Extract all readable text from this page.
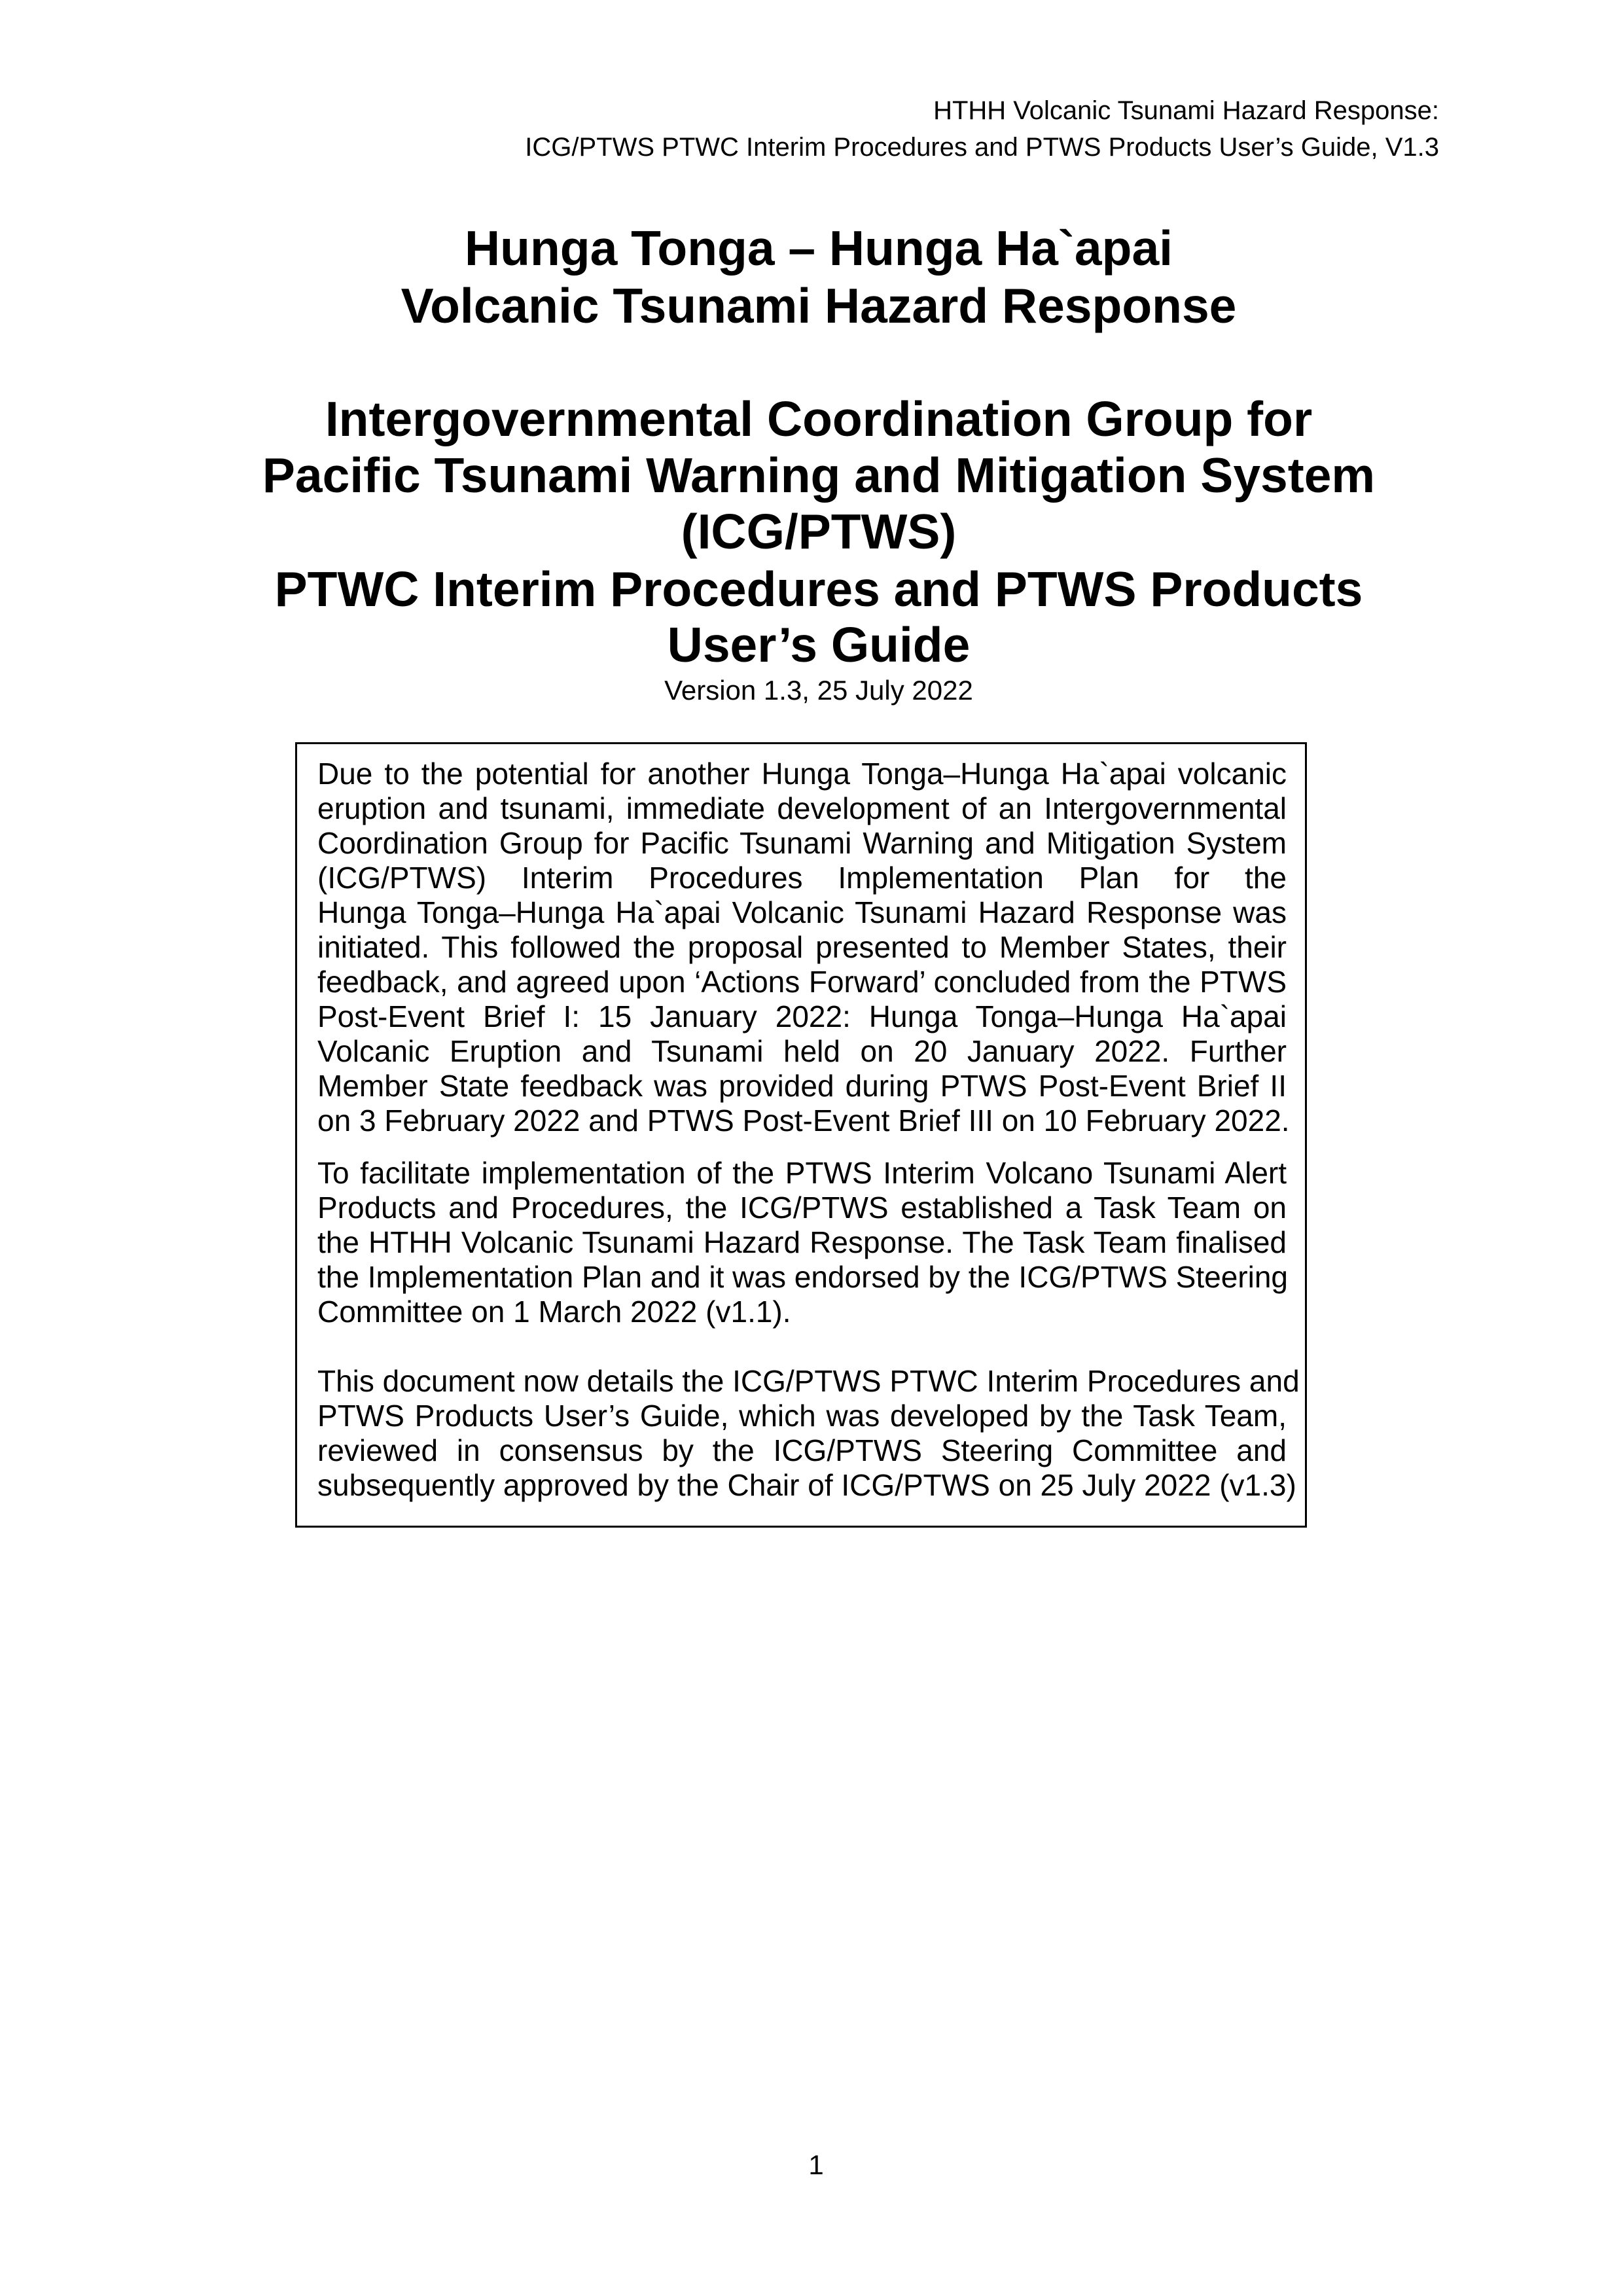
HTHH Volcanic Tsunami Hazard Response:
ICG/PTWS PTWC Interim Procedures and PTWS Products User’s Guide, V1.3
Hunga Tonga – Hunga Ha`apai
Volcanic Tsunami Hazard Response
Intergovernmental Coordination Group for
Pacific Tsunami Warning and Mitigation System
(ICG/PTWS)
PTWC Interim Procedures and PTWS Products
User’s Guide
Version 1.3, 25 July 2022
Due to the potential for another Hunga Tonga–Hunga Ha`apai volcanic
eruption and tsunami, immediate development of an Intergovernmental
Coordination Group for Pacific Tsunami Warning and Mitigation System
(ICG/PTWS) Interim Procedures Implementation Plan for the
Hunga Tonga–Hunga Ha`apai Volcanic Tsunami Hazard Response was
initiated. This followed the proposal presented to Member States, their
feedback, and agreed upon ‘Actions Forward’ concluded from the PTWS
Post-Event Brief I: 15 January 2022: Hunga Tonga–Hunga Ha`apai
Volcanic Eruption and Tsunami held on 20 January 2022. Further
Member State feedback was provided during PTWS Post-Event Brief II
on 3 February 2022 and PTWS Post-Event Brief III on 10 February 2022.
To facilitate implementation of the PTWS Interim Volcano Tsunami Alert
Products and Procedures, the ICG/PTWS established a Task Team on
the HTHH Volcanic Tsunami Hazard Response. The Task Team finalised
the Implementation Plan and it was endorsed by the ICG/PTWS Steering
Committee on 1 March 2022 (v1.1).
This document now details the ICG/PTWS PTWC Interim Procedures and
PTWS Products User’s Guide, which was developed by the Task Team,
reviewed in consensus by the ICG/PTWS Steering Committee and
subsequently approved by the Chair of ICG/PTWS on 25 July 2022 (v1.3)
1
